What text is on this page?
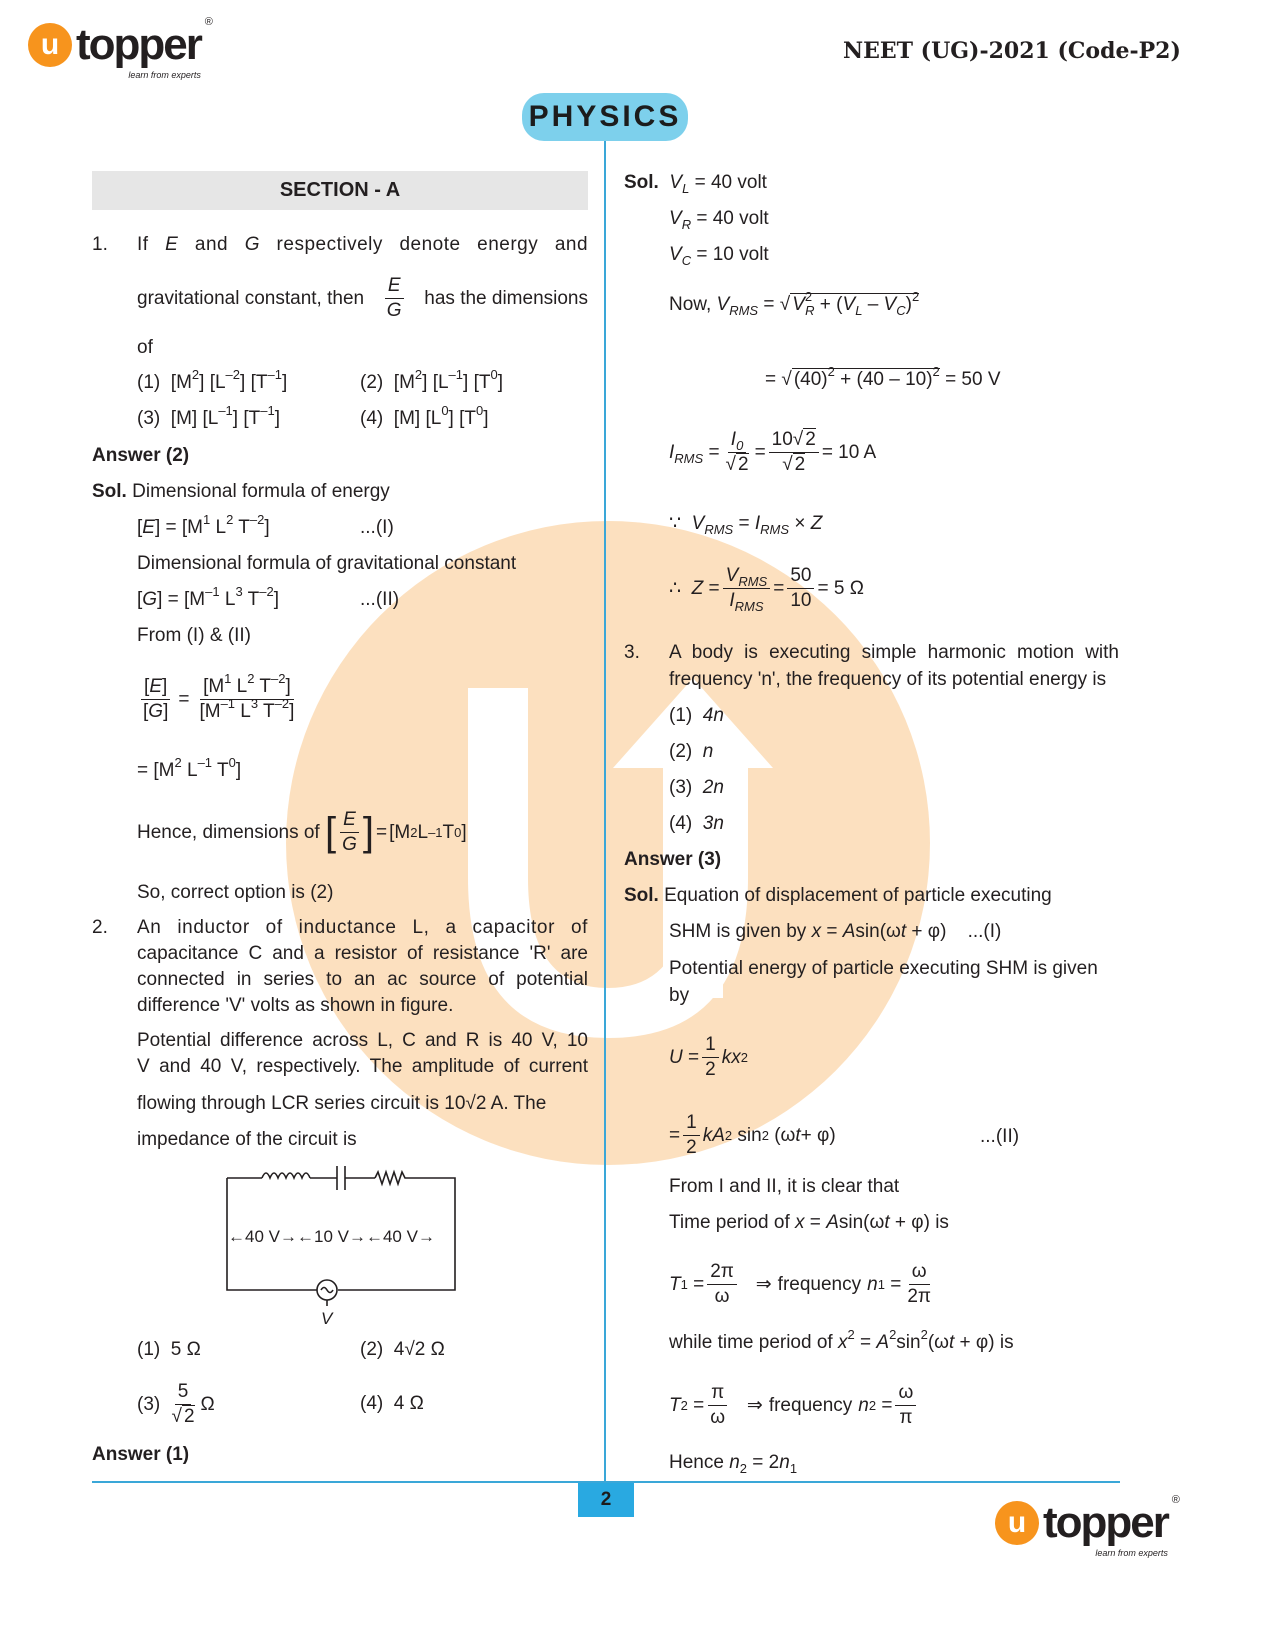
u topper ®
learn from experts
NEET (UG)-2021 (Code-P2)
PHYSICS
SECTION - A
1. If E and G respectively denote energy and
gravitational constant, then $\frac{E}{G}$ has the dimensions
of
(1)  $[M^2]$ $[L^{-2}]$ $[T^{-1}]$	(2)  $[M^2]$ $[L^{-1}]$ $[T^0]$
(3)  [M] $[L^{-1}]$ $[T^{-1}]$	(4)  [M] $[L^0]$ $[T^0]$
Answer (2)
Sol. Dimensional formula of energy
$[E] = [M^1$ $L^2$ $T^{-2}$]	...(I)
Dimensional formula of gravitational constant
$[G] = [M^{-1}$ $L^3$ $T^{-2}$]	...(II)
From (I) & (II)
$\frac{[E]}{[G]} = \frac{[M^1 L^2 T^{-2}]}{[M^{-1} L^3 T^{-2}]}$
= [$M^2$ $L^{-1}$ $T^0$]
Hence, dimensions of
[ $\frac{E}{G}$ ] = [M 2 L –1 T 0 ]
So, correct option is (2)
2. An inductor of inductance L, a capacitor of
capacitance C and a resistor of resistance 'R' are
connected in series to an ac source of potential
difference 'V' volts as shown in figure.
Potential difference across L, C and R is 40 V, 10
V and 40 V, respectively. The amplitude of current
flowing through LCR series circuit is 10√2 A. The
impedance of the circuit is
←40 V→←10 V→←40 V→
V
(1) 5 Ω	(2) 4√2 Ω
(3)
$\frac{5}{√ 2}$ Ω	(4) 4 Ω
Answer (1)
Sol. $V_L = 40$ volt
$V_R = 40$ volt
$V_C = 10$ volt
Now,
$V_{RMS}$ = √ $V^2_R + (V_L - V_C)^2$
= √ $(40)^2 + (40 - 10)^2$
= 50 V
$I_{RMS} = \frac{I_0}{√ 2} = \frac{10√ 2}{√ 2} = 10$ A
∵  $V_{RMS} = I_{RMS} \times Z$
∴ $Z = \frac{V_{RMS}}{I_{RMS}} = \frac{50}{10} = 5$ Ω
3. A body is executing simple harmonic motion with
frequency 'n', the frequency of its potential energy is
(1) 4n
(2) n
(3) 2n
(4) 3n
Answer (3)
Sol. Equation of displacement of particle executing
SHM is given by x = Asin(ωt + φ)    ...(I)
Potential energy of particle executing SHM is given
by
$U = \frac{1}{2}$ kx 2
= $\frac{1}{2}$ kA 2 sin 2 (ω t + φ)	...(II)
From I and II, it is clear that
Time period of x = Asin(ωt + φ) is
T $1 = \frac{2\pi}{\omega}$ ⇒ frequency n $1 = \frac{\omega}{2\pi}$
while time period of $x^2 = A^2\sin^2(\omega t + \varphi)$ is
T $2 = \frac{\pi}{\omega}$ ⇒ frequency n $2 = \frac{\omega}{\pi}$
Hence $n_2 = 2n_1$
2
u topper ®
learn from experts
